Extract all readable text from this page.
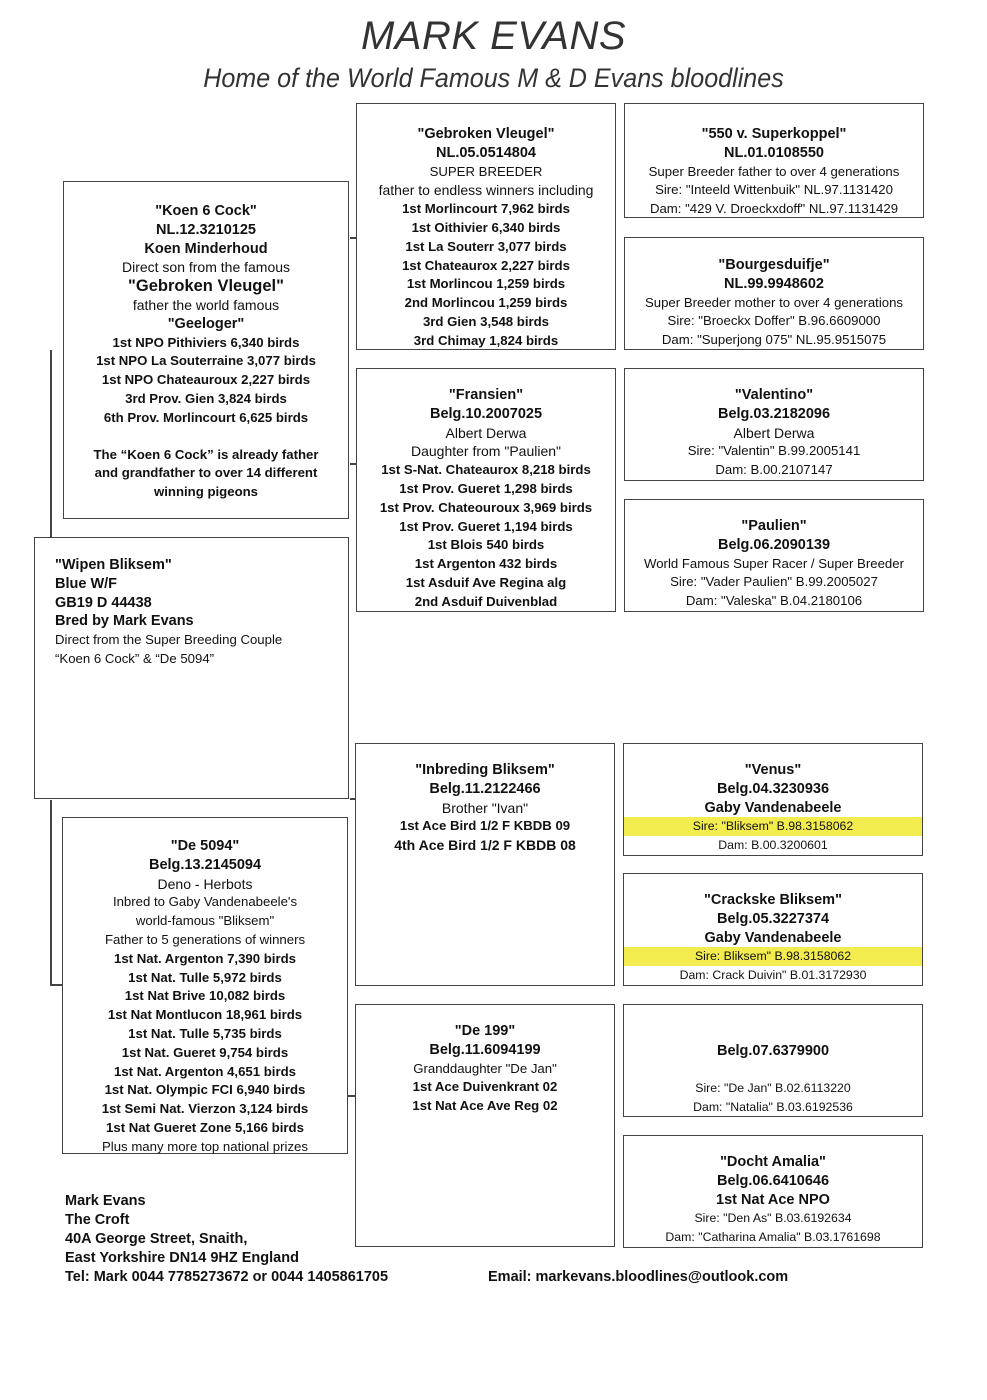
MARK EVANS
Home of the World Famous M & D Evans bloodlines
"Koen 6 Cock"
NL.12.3210125
Koen Minderhoud
Direct son from the famous
"Gebroken Vleugel"
father the world famous
"Geeloger"
1st NPO Pithiviers 6,340 birds
1st NPO La Souterraine 3,077 birds
1st NPO Chateauroux 2,227 birds
3rd Prov. Gien 3,824 birds
6th Prov. Morlincourt 6,625 birds
The “Koen 6 Cock” is already father
and grandfather to over 14 different
winning pigeons
"Wipen Bliksem"
Blue W/F
GB19 D 44438
Bred by Mark Evans
Direct from the Super Breeding Couple
“Koen 6 Cock” & “De 5094”
"De 5094"
Belg.13.2145094
Deno - Herbots
Inbred to Gaby Vandenabeele's
world-famous "Bliksem"
Father to 5 generations of winners
1st Nat. Argenton 7,390 birds
1st Nat. Tulle 5,972 birds
1st Nat Brive 10,082 birds
1st Nat Montlucon 18,961 birds
1st Nat. Tulle 5,735 birds
1st Nat. Gueret 9,754 birds
1st Nat. Argenton 4,651 birds
1st Nat. Olympic FCI 6,940 birds
1st Semi Nat. Vierzon 3,124 birds
1st Nat Gueret Zone 5,166 birds
Plus many more top national prizes
"Gebroken Vleugel"
NL.05.0514804
SUPER BREEDER
father to endless winners including
1st Morlincourt 7,962 birds
1st Oithivier 6,340 birds
1st La Souterr 3,077 birds
1st Chateaurox 2,227 birds
1st Morlincou 1,259 birds
2nd Morlincou 1,259 birds
3rd Gien 3,548 birds
3rd Chimay 1,824 birds
"Fransien"
Belg.10.2007025
Albert Derwa
Daughter from "Paulien"
1st S-Nat. Chateaurox 8,218 birds
1st Prov. Gueret 1,298 birds
1st Prov. Chateouroux 3,969 birds
1st Prov. Gueret 1,194 birds
1st Blois 540 birds
1st Argenton 432 birds
1st Asduif Ave Regina alg
2nd Asduif Duivenblad
"Inbreding Bliksem"
Belg.11.2122466
Brother "Ivan"
1st Ace Bird 1/2 F KBDB 09
4th Ace Bird 1/2 F KBDB 08
"De 199"
Belg.11.6094199
Granddaughter "De Jan"
1st Ace Duivenkrant 02
1st Nat Ace Ave Reg 02
"550 v. Superkoppel"
NL.01.0108550
Super Breeder father to over 4 generations
Sire: "Inteeld Wittenbuik" NL.97.1131420
Dam: "429 V. Droeckxdoff" NL.97.1131429
"Bourgesduifje"
NL.99.9948602
Super Breeder mother to over 4 generations
Sire: "Broeckx Doffer" B.96.6609000
Dam: "Superjong 075" NL.95.9515075
"Valentino"
Belg.03.2182096
Albert Derwa
Sire: "Valentin" B.99.2005141
Dam: B.00.2107147
"Paulien"
Belg.06.2090139
World Famous Super Racer / Super Breeder
Sire: "Vader Paulien" B.99.2005027
Dam: "Valeska" B.04.2180106
"Venus"
Belg.04.3230936
Gaby Vandenabeele
Sire: "Bliksem" B.98.3158062
Dam: B.00.3200601
"Crackske Bliksem"
Belg.05.3227374
Gaby Vandenabeele
Sire: Bliksem" B.98.3158062
Dam: Crack Duivin" B.01.3172930
Belg.07.6379900
Sire: "De Jan" B.02.6113220
Dam: "Natalia" B.03.6192536
"Docht Amalia"
Belg.06.6410646
1st Nat Ace NPO
Sire: "Den As" B.03.6192634
Dam: "Catharina Amalia" B.03.1761698
Mark Evans
The Croft
40A George Street, Snaith,
East Yorkshire DN14 9HZ England
Tel: Mark 0044 7785273672 or 0044 1405861705	Email: markevans.bloodlines@outlook.com
